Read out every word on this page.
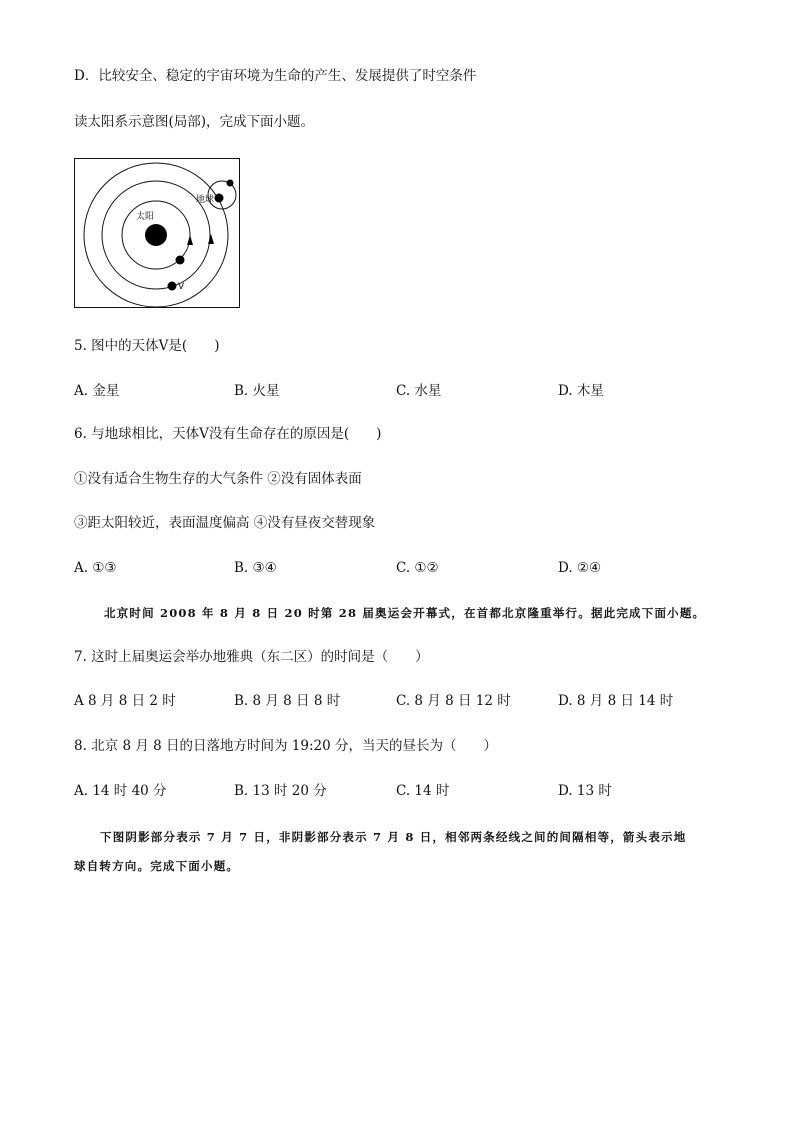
D．比较安全、稳定的宇宙环境为生命的产生、发展提供了时空条件
读太阳系示意图(局部)，完成下面小题。
太阳
V
地球
5. 图中的天体Ⅴ是(　　)
A. 金星	B. 火星	C. 水星	D. 木星
6. 与地球相比，天体Ⅴ没有生命存在的原因是(　　)
①没有适合生物生存的大气条件 ②没有固体表面
③距太阳较近，表面温度偏高 ④没有昼夜交替现象
A. ①③	B. ③④	C. ①②	D. ②④
北京时间 2008 年 8 月 8 日 20 时第 28 届奥运会开幕式，在首都北京隆重举行。据此完成下面小题。
7. 这时上届奥运会举办地雅典（东二区）的时间是（　　）
A 8 月 8 日 2 时	B. 8 月 8 日 8 时	C. 8 月 8 日 12 时	D. 8 月 8 日 14 时
8. 北京 8 月 8 日的日落地方时间为 19:20 分，当天的昼长为（　　）
A. 14 时 40 分	B. 13 时 20 分	C. 14 时	D. 13 时
下图阴影部分表示 7 月 7 日，非阴影部分表示 7 月 8 日，相邻两条经线之间的间隔相等，箭头表示地
球自转方向。完成下面小题。
